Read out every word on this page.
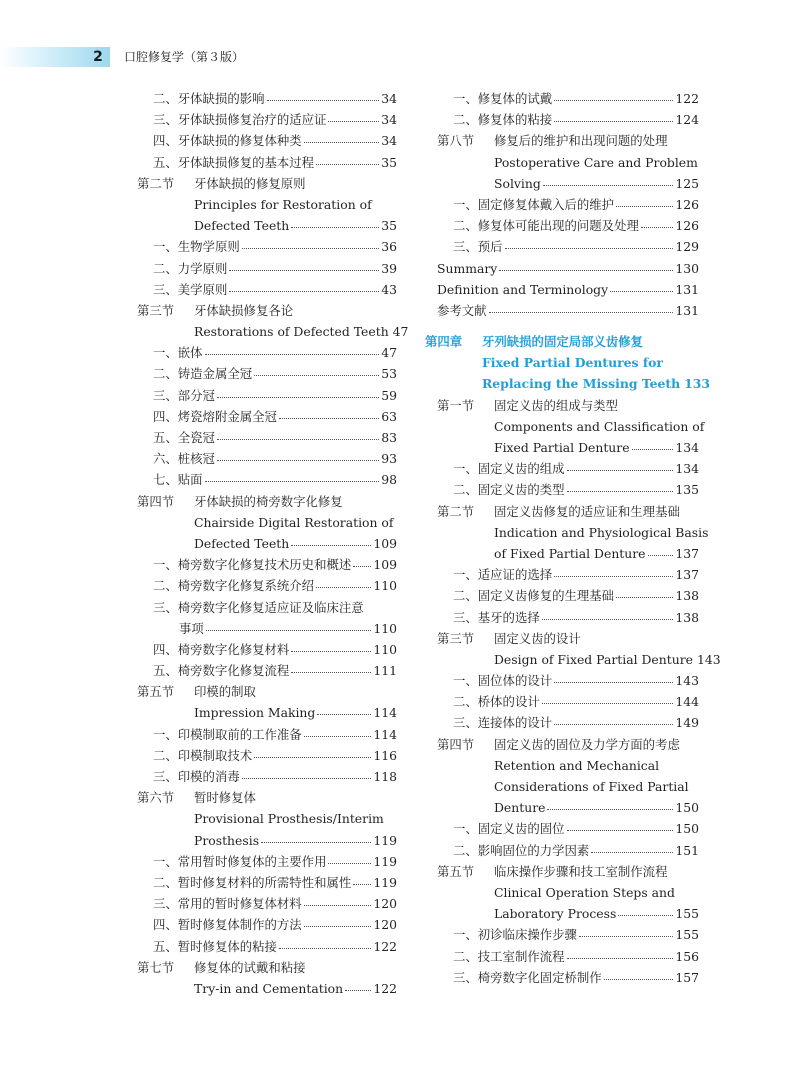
2	口腔修复学（第３版）
二、牙体缺损的影响	34
三、牙体缺损修复治疗的适应证	34
四、牙体缺损的修复体种类	34
五、牙体缺损修复的基本过程	35
第二节 牙体缺损的修复原则
Principles for Restoration of
Defected Teeth	35
一、生物学原则	36
二、力学原则	39
三、美学原则	43
第三节 牙体缺损修复各论
Restorations of Defected Teeth 47
一、嵌体	47
二、铸造金属全冠	53
三、部分冠	59
四、烤瓷熔附金属全冠	63
五、全瓷冠	83
六、桩核冠	93
七、贴面	98
第四节 牙体缺损的椅旁数字化修复
Chairside Digital Restoration of
Defected Teeth	109
一、椅旁数字化修复技术历史和概述 109
二、椅旁数字化修复系统介绍	110
三、椅旁数字化修复适应证及临床注意
事项	110
四、椅旁数字化修复材料	110
五、椅旁数字化修复流程	111
第五节 印模的制取
Impression Making	114
一、印模制取前的工作准备	114
二、印模制取技术	116
三、印模的消毒	118
第六节 暂时修复体
Provisional Prosthesis/Interim
Prosthesis	119
一、常用暂时修复体的主要作用	119
二、暂时修复材料的所需特性和属性 119
三、常用的暂时修复体材料	120
四、暂时修复体制作的方法	120
五、暂时修复体的粘接	122
第七节 修复体的试戴和粘接
Try-in and Cementation 122
一、修复体的试戴	122
二、修复体的粘接	124
第八节 修复后的维护和出现问题的处理
Postoperative Care and Problem
Solving	125
一、固定修复体戴入后的维护	126
二、修复体可能出现的问题及处理	126
三、预后	129
Summary	130
Definition and Terminology	131
参考文献	131
第四章 牙列缺损的固定局部义齿修复
Fixed Partial Dentures for
Replacing the Missing Teeth 133
第一节 固定义齿的组成与类型
Components and Classification of
Fixed Partial Denture	134
一、固定义齿的组成	134
二、固定义齿的类型	135
第二节 固定义齿修复的适应证和生理基础
Indication and Physiological Basis
of Fixed Partial Denture 137
一、适应证的选择	137
二、固定义齿修复的生理基础	138
三、基牙的选择	138
第三节 固定义齿的设计
Design of Fixed Partial Denture 143
一、固位体的设计	143
二、桥体的设计	144
三、连接体的设计	149
第四节 固定义齿的固位及力学方面的考虑
Retention and Mechanical
Considerations of Fixed Partial
Denture	150
一、固定义齿的固位	150
二、影响固位的力学因素	151
第五节 临床操作步骤和技工室制作流程
Clinical Operation Steps and
Laboratory Process	155
一、初诊临床操作步骤	155
二、技工室制作流程	156
三、椅旁数字化固定桥制作	157
